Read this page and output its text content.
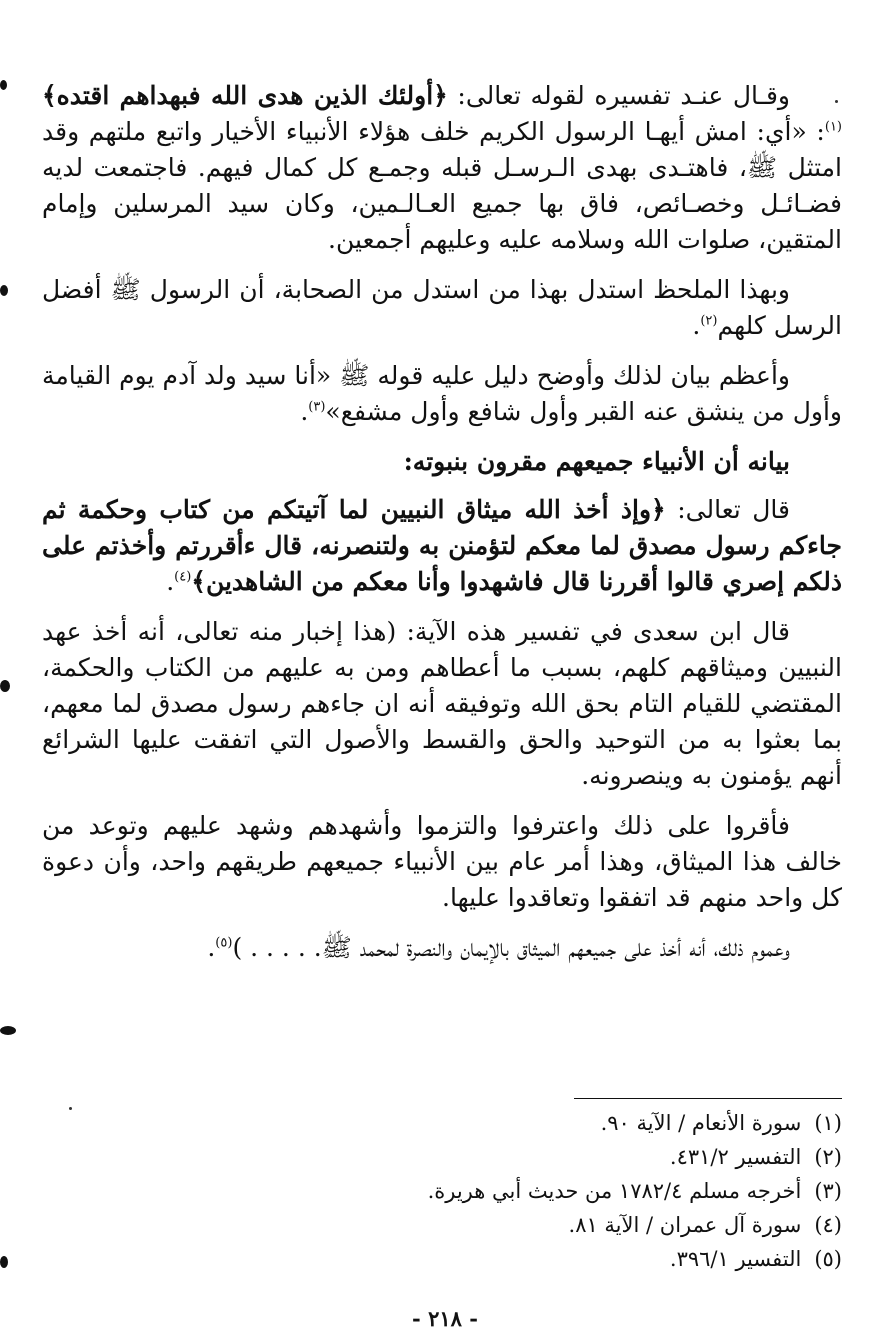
وقـال عنـد تفسيره لقوله تعالى: ﴿أولئك الذين هدى الله فبهداهم اقتده﴾$^{(١)}$: «أي: امش أيهـا الرسول الكريم خلف هؤلاء الأنبياء الأخيار واتبع ملتهم وقد امتثل ﷺ، فاهتـدى بهدى الـرسـل قبله وجمـع كل كمال فيهم. فاجتمعت لديه فضـائـل وخصـائص، فاق بها جميع العـالـمين، وكان سيد المرسلين وإمام المتقين، صلوات الله وسلامه عليه وعليهم أجمعين.

وبهذا الملحظ استدل بهذا من استدل من الصحابة، أن الرسول ﷺ أفضل الرسل كلهم$^{(٢)}$.

وأعظم بيان لذلك وأوضح دليل عليه قوله ﷺ «أنا سيد ولد آدم يوم القيامة وأول من ينشق عنه القبر وأول شافع وأول مشفع»$^{(٣)}$.

بيانه أن الأنبياء جميعهم مقرون بنبوته:

قال تعالى: ﴿وإذ أخذ الله ميثاق النبيين لما آتيتكم من كتاب وحكمة ثم جاءكم رسول مصدق لما معكم لتؤمنن به ولتنصرنه، قال ءأقررتم وأخذتم على ذلكم إصري قالوا أقررنا قال فاشهدوا وأنا معكم من الشاهدين﴾$^{(٤)}$.

قال ابن سعدى في تفسير هذه الآية: (هذا إخبار منه تعالى، أنه أخذ عهد النبيين وميثاقهم كلهم، بسبب ما أعطاهم ومن به عليهم من الكتاب والحكمة، المقتضي للقيام التام بحق الله وتوفيقه أنه ان جاءهم رسول مصدق لما معهم، بما بعثوا به من التوحيد والحق والقسط والأصول التي اتفقت عليها الشرائع أنهم يؤمنون به وينصرونه.

فأقروا على ذلك واعترفوا والتزموا وأشهدهم وشهد عليهم وتوعد من خالف هذا الميثاق، وهذا أمر عام بين الأنبياء جميعهم طريقهم واحد، وأن دعوة كل واحد منهم قد اتفقوا وتعاقدوا عليها.

وعموم ذلك، أنه أخذ على جميعهم الميثاق بالإيمان والنصرة لمحمد ﷺ. . . . . )$^{(٥)}$.

(١) سورة الأنعام / الآية ٩٠.

(٢) التفسير ٤٣١/٢.

(٣) أخرجه مسلم ١٧٨٢/٤ من حديث أبي هريرة.

(٤) سورة آل عمران / الآية ٨١.

(٥) التفسير ٣٩٦/١.

- ٢١٨ -
